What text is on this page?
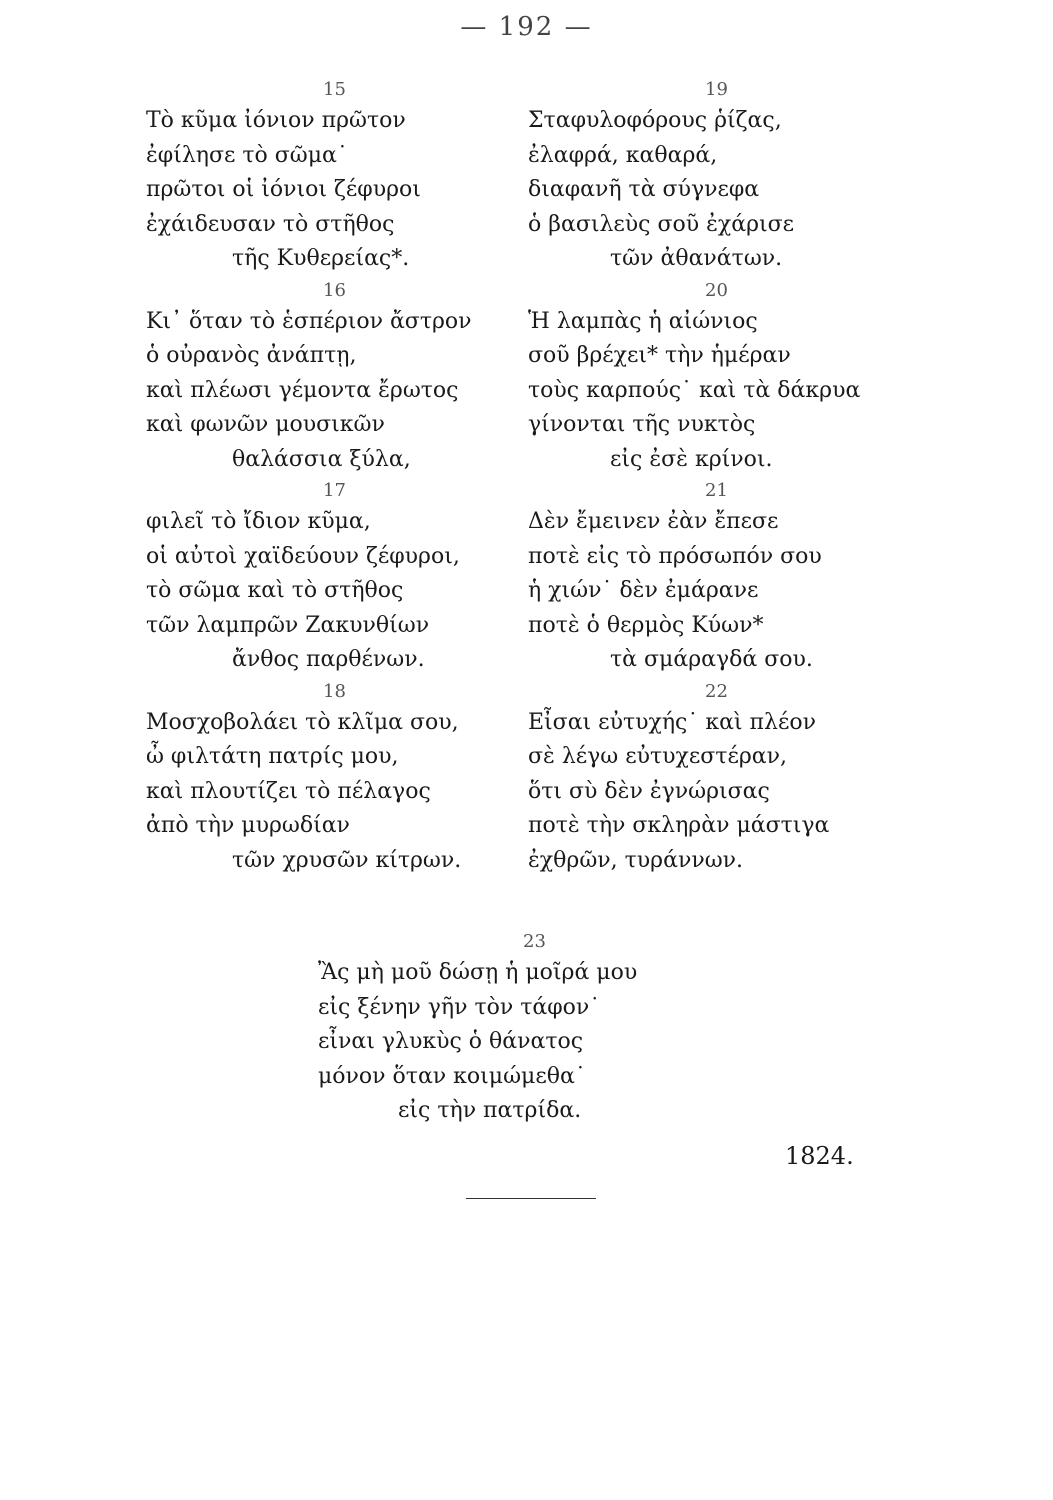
— 192 —
15
Τὸ κῦμα ἰόνιον πρῶτον
ἐφίλησε τὸ σῶμα˙
πρῶτοι οἱ ἰόνιοι ζέφυροι
ἐχάιδευσαν τὸ στῆθος
τῆς Κυθερείας*.
16
Κι᾽ ὅταν τὸ ἑσπέριον ἄστρον
ὁ οὐρανὸς ἀνάπτῃ,
καὶ πλέωσι γέμοντα ἔρωτος
καὶ φωνῶν μουσικῶν
θαλάσσια ξύλα,
17
φιλεῖ τὸ ἴδιον κῦμα,
οἱ αὐτοὶ χαϊδεύουν ζέφυροι,
τὸ σῶμα καὶ τὸ στῆθος
τῶν λαμπρῶν Ζακυνθίων
ἄνθος παρθένων.
18
Μοσχοβολάει τὸ κλῖμα σου,
ὦ φιλτάτη πατρίς μου,
καὶ πλουτίζει τὸ πέλαγος
ἀπὸ τὴν μυρωδίαν
τῶν χρυσῶν κίτρων.
19
Σταφυλοφόρους ῥίζας,
ἐλαφρά, καθαρά,
διαφανῆ τὰ σύγνεφα
ὁ βασιλεὺς σοῦ ἐχάρισε
τῶν ἀθανάτων.
20
Ἡ λαμπὰς ἡ αἰώνιος
σοῦ βρέχει* τὴν ἡμέραν
τοὺς καρπούς˙ καὶ τὰ δάκρυα
γίνονται τῆς νυκτὸς
εἰς ἐσὲ κρίνοι.
21
Δὲν ἔμεινεν ἐὰν ἔπεσε
ποτὲ εἰς τὸ πρόσωπόν σου
ἡ χιών˙ δὲν ἐμάρανε
ποτὲ ὁ θερμὸς Κύων*
τὰ σμάραγδά σου.
22
Εἶσαι εὐτυχής˙ καὶ πλέον
σὲ λέγω εὐτυχεστέραν,
ὅτι σὺ δὲν ἐγνώρισας
ποτὲ τὴν σκληρὰν μάστιγα
ἐχθρῶν, τυράννων.
23
Ἂς μὴ μοῦ δώσῃ ἡ μοῖρά μου
εἰς ξένην γῆν τὸν τάφον˙
εἶναι γλυκὺς ὁ θάνατος
μόνον ὅταν κοιμώμεθα˙
εἰς τὴν πατρίδα.
1824.
